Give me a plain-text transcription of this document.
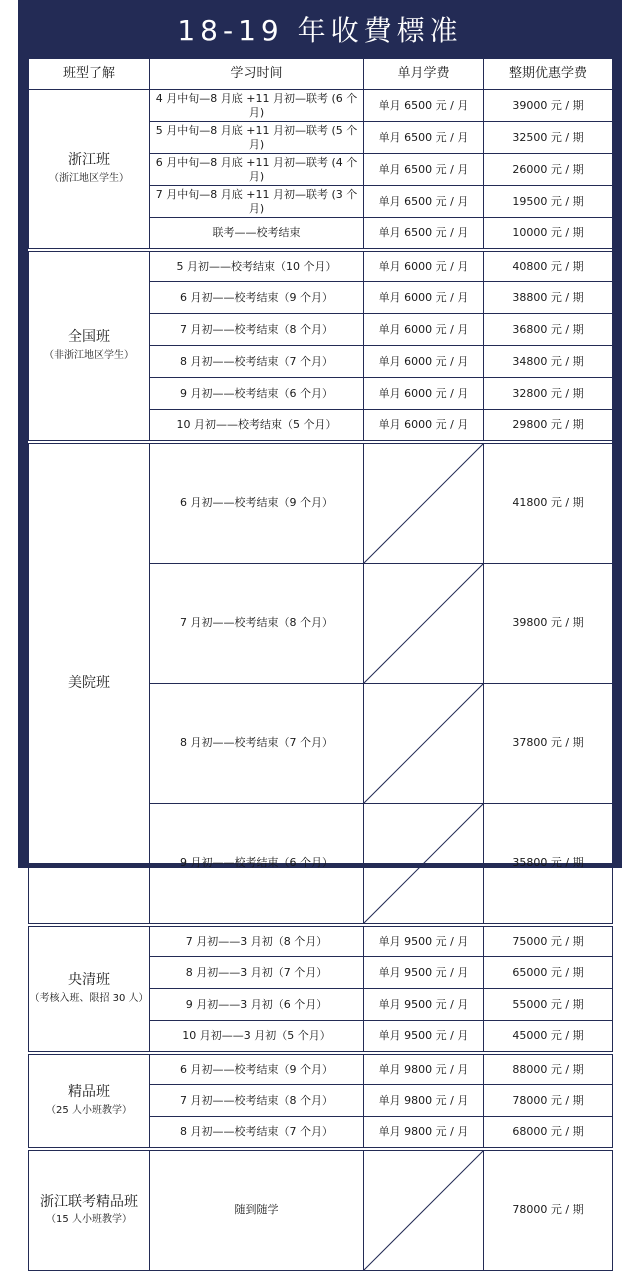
18-19 年收費標准
班型了解	学习时间	单月学费	整期优惠学费

浙江班
（浙江地区学生）	4 月中旬—8 月底 +11 月初—联考 (6 个月)	单月 6500 元 / 月	39000 元 / 期
	5 月中旬—8 月底 +11 月初—联考 (5 个月)	单月 6500 元 / 月	32500 元 / 期
	6 月中旬—8 月底 +11 月初—联考 (4 个月)	单月 6500 元 / 月	26000 元 / 期
	7 月中旬—8 月底 +11 月初—联考 (3 个月)	单月 6500 元 / 月	19500 元 / 期
	联考——校考结束	单月 6500 元 / 月	10000 元 / 期

全国班
（非浙江地区学生）	5 月初——校考结束（10 个月）	单月 6000 元 / 月	40800 元 / 期
	6 月初——校考结束（9 个月）	单月 6000 元 / 月	38800 元 / 期
	7 月初——校考结束（8 个月）	单月 6000 元 / 月	36800 元 / 期
	8 月初——校考结束（7 个月）	单月 6000 元 / 月	34800 元 / 期
	9 月初——校考结束（6 个月）	单月 6000 元 / 月	32800 元 / 期
	10 月初——校考结束（5 个月）	单月 6000 元 / 月	29800 元 / 期

美院班	6 月初——校考结束（9 个月）		41800 元 / 期
	7 月初——校考结束（8 个月）		39800 元 / 期
	8 月初——校考结束（7 个月）		37800 元 / 期
	9 月初——校考结束（6 个月）		35800 元 / 期

央清班
（考核入班、限招 30 人）	7 月初——3 月初（8 个月）	单月 9500 元 / 月	75000 元 / 期
	8 月初——3 月初（7 个月）	单月 9500 元 / 月	65000 元 / 期
	9 月初——3 月初（6 个月）	单月 9500 元 / 月	55000 元 / 期
	10 月初——3 月初（5 个月）	单月 9500 元 / 月	45000 元 / 期

精品班
（25 人小班教学）	6 月初——校考结束（9 个月）	单月 9800 元 / 月	88000 元 / 期
	7 月初——校考结束（8 个月）	单月 9800 元 / 月	78000 元 / 期
	8 月初——校考结束（7 个月）	单月 9800 元 / 月	68000 元 / 期

浙江联考精品班
（15 人小班教学）	随到随学		78000 元 / 期
